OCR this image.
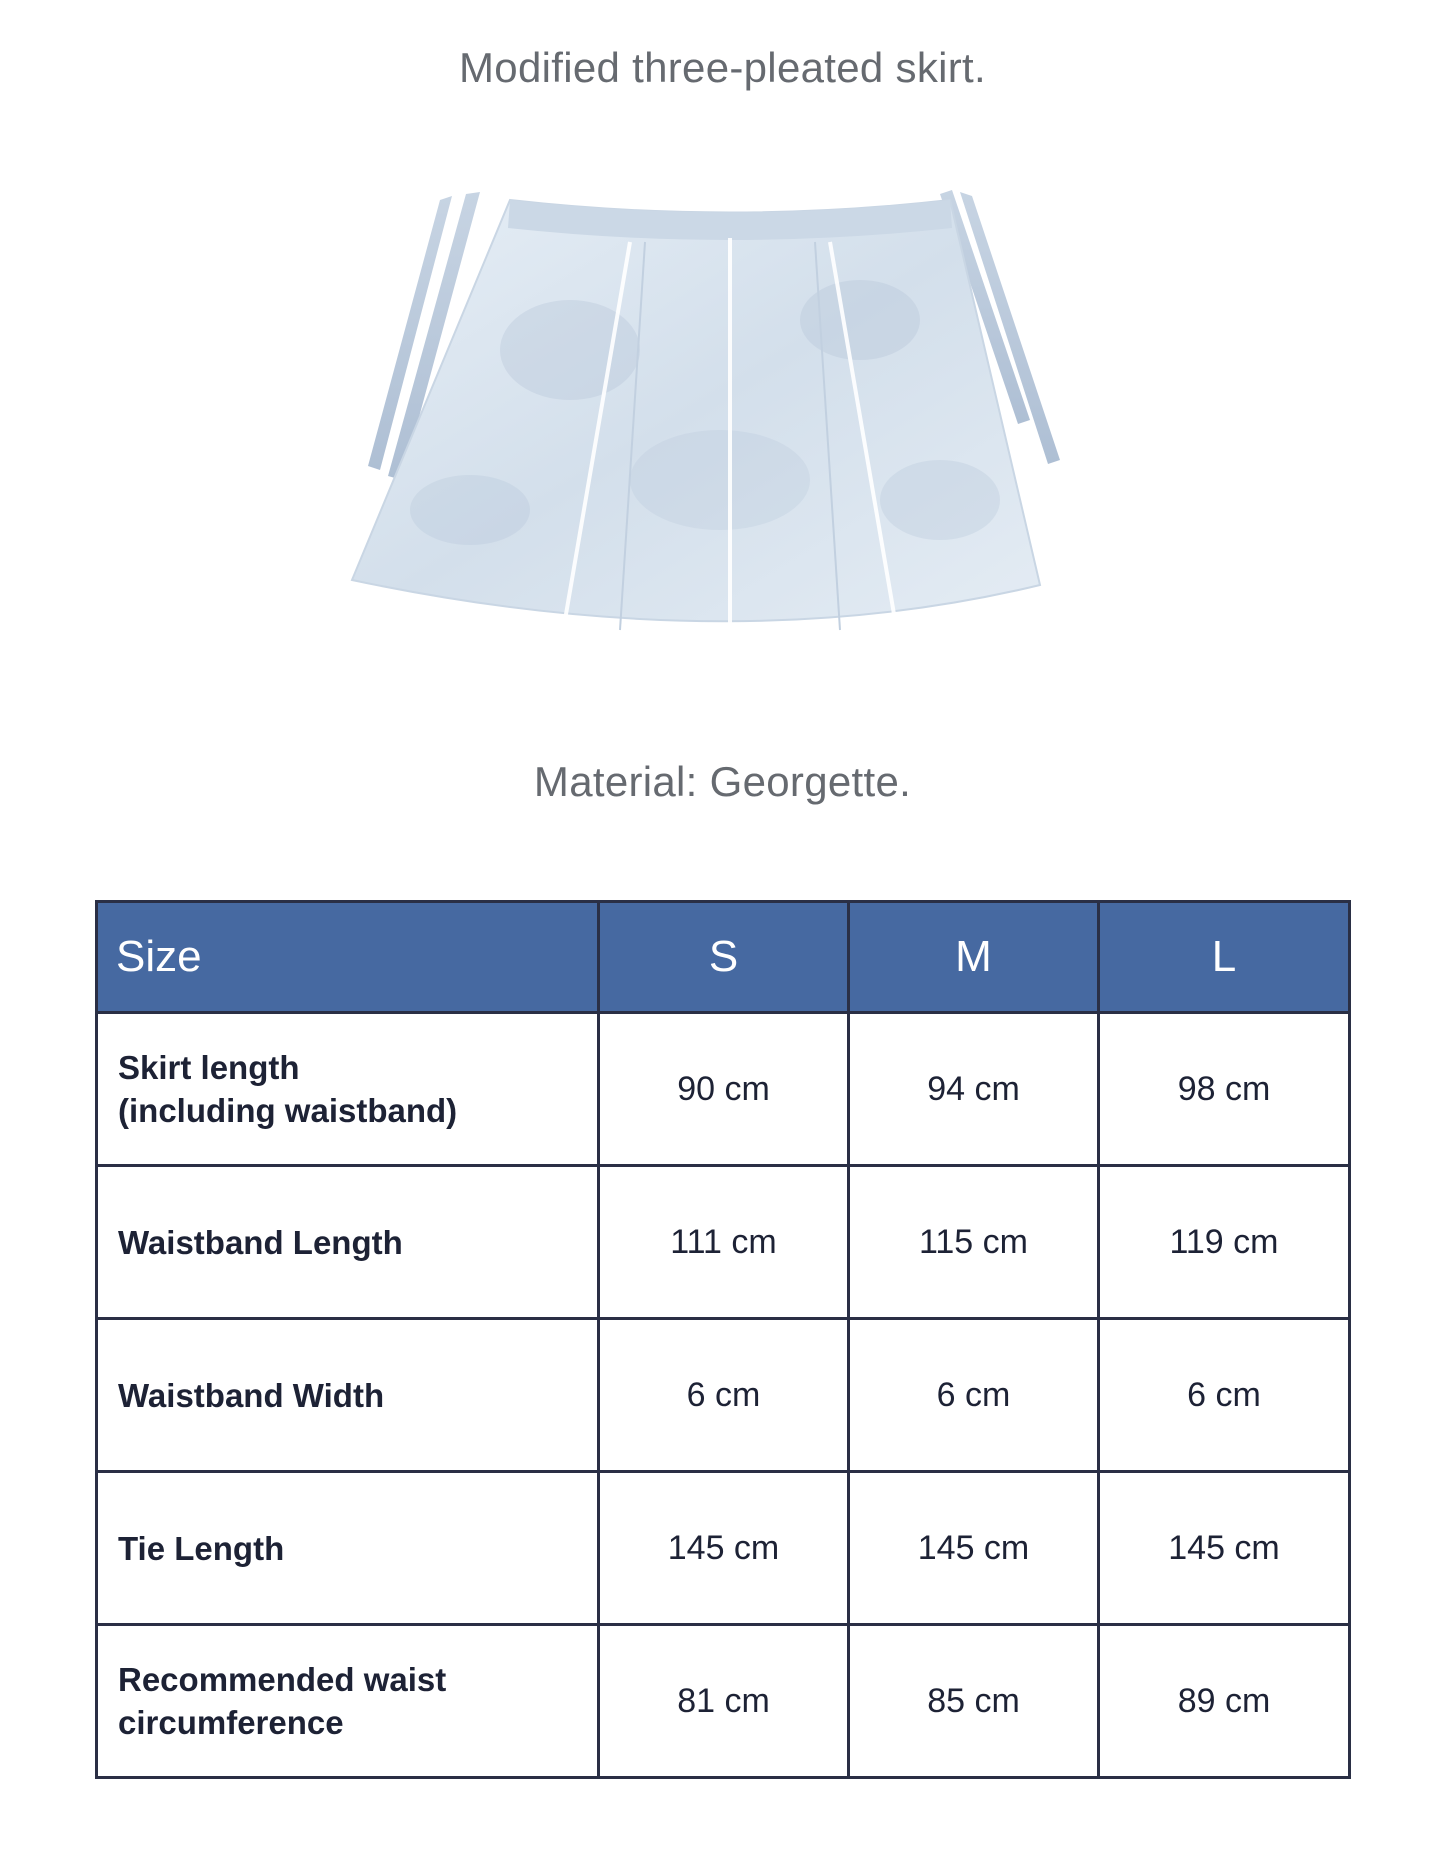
Modified three-pleated skirt.
Material: Georgette.
Size	S	M	L

Skirt length
(including waistband)	90 cm	94 cm	98 cm

Waistband Length	111 cm	115 cm	119 cm

Waistband Width	6 cm	6 cm	6 cm

Tie Length	145 cm	145 cm	145 cm

Recommended waist
circumference	81 cm	85 cm	89 cm
